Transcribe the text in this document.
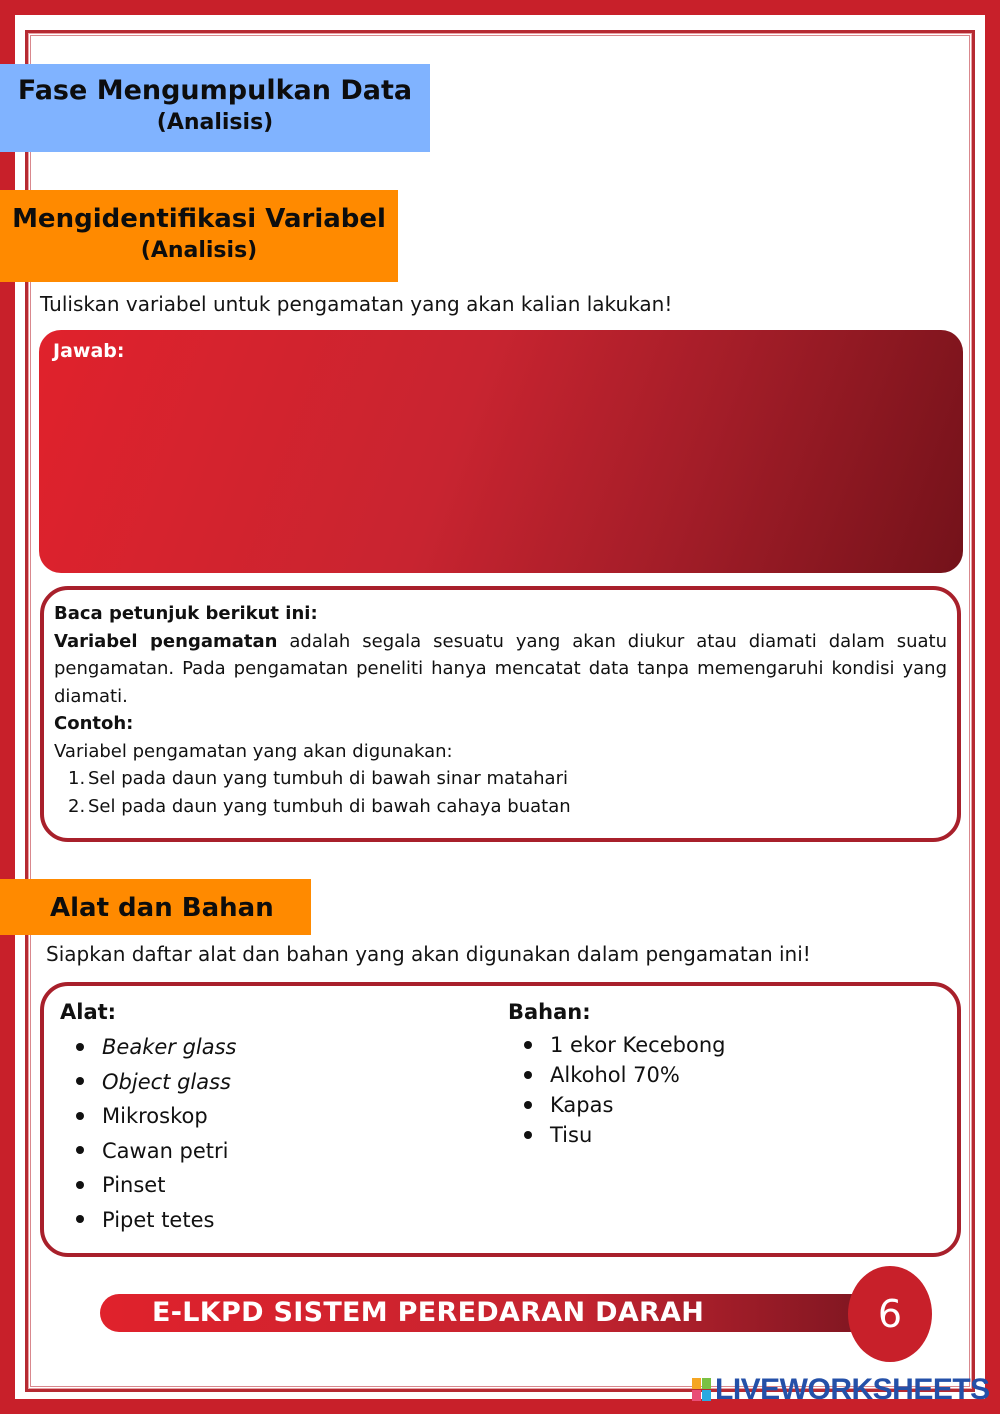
Fase Mengumpulkan Data
(Analisis)
Mengidentifikasi Variabel
(Analisis)
Tuliskan variabel untuk pengamatan yang akan kalian lakukan!
Jawab:
Baca petunjuk berikut ini:
Variabel pengamatan adalah segala sesuatu yang akan diukur atau diamati dalam suatu pengamatan. Pada pengamatan peneliti hanya mencatat data tanpa memengaruhi kondisi yang diamati.
Contoh:
Variabel pengamatan yang akan digunakan:
1. Sel pada daun yang tumbuh di bawah sinar matahari
2. Sel pada daun yang tumbuh di bawah cahaya buatan
Alat dan Bahan
Siapkan daftar alat dan bahan yang akan digunakan dalam pengamatan ini!
Alat:
Beaker glass
Object glass
Mikroskop
Cawan petri
Pinset
Pipet tetes
Bahan:
1 ekor Kecebong
Alkohol 70%
Kapas
Tisu
E-LKPD SISTEM PEREDARAN DARAH	6
LIVEWORKSHEETS
